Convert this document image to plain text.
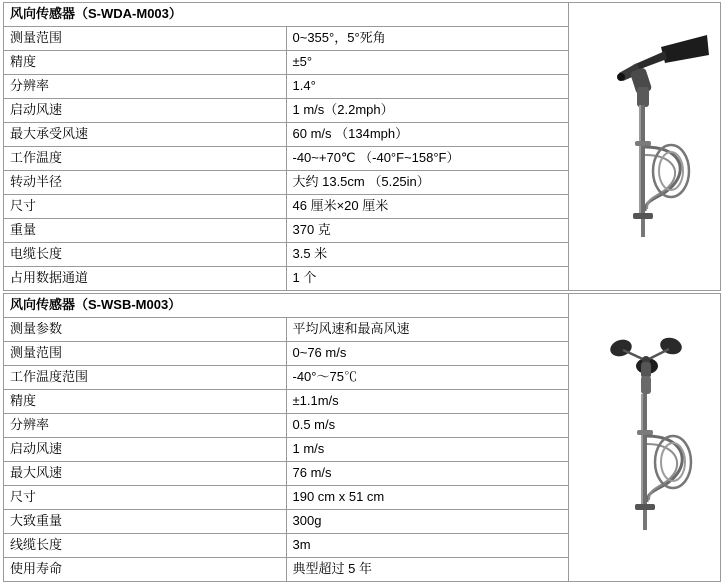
风向传感器（S-WDA-M003）	

测量范围	0~355°，5°死角	
精度	±5°	
分辨率	1.4°	
启动风速	1 m/s（2.2mph）	
最大承受风速	60 m/s （134mph）	
工作温度	-40~+70℃ （-40°F~158°F）	
转动半径	大约 13.5cm （5.25in）	
尺寸	46 厘米×20 厘米	
重量	370 克	
电缆长度	3.5 米	
占用数据通道	1 个	
风向传感器（S-WSB-M003）	

测量参数	平均风速和最高风速	
测量范围	0~76 m/s	
工作温度范围	-40°～75℃	
精度	±1.1m/s	
分辨率	0.5 m/s	
启动风速	1 m/s	
最大风速	76 m/s	
尺寸	190 cm x 51 cm	
大致重量	300g	
线缆长度	3m	
使用寿命	典型超过 5 年	
